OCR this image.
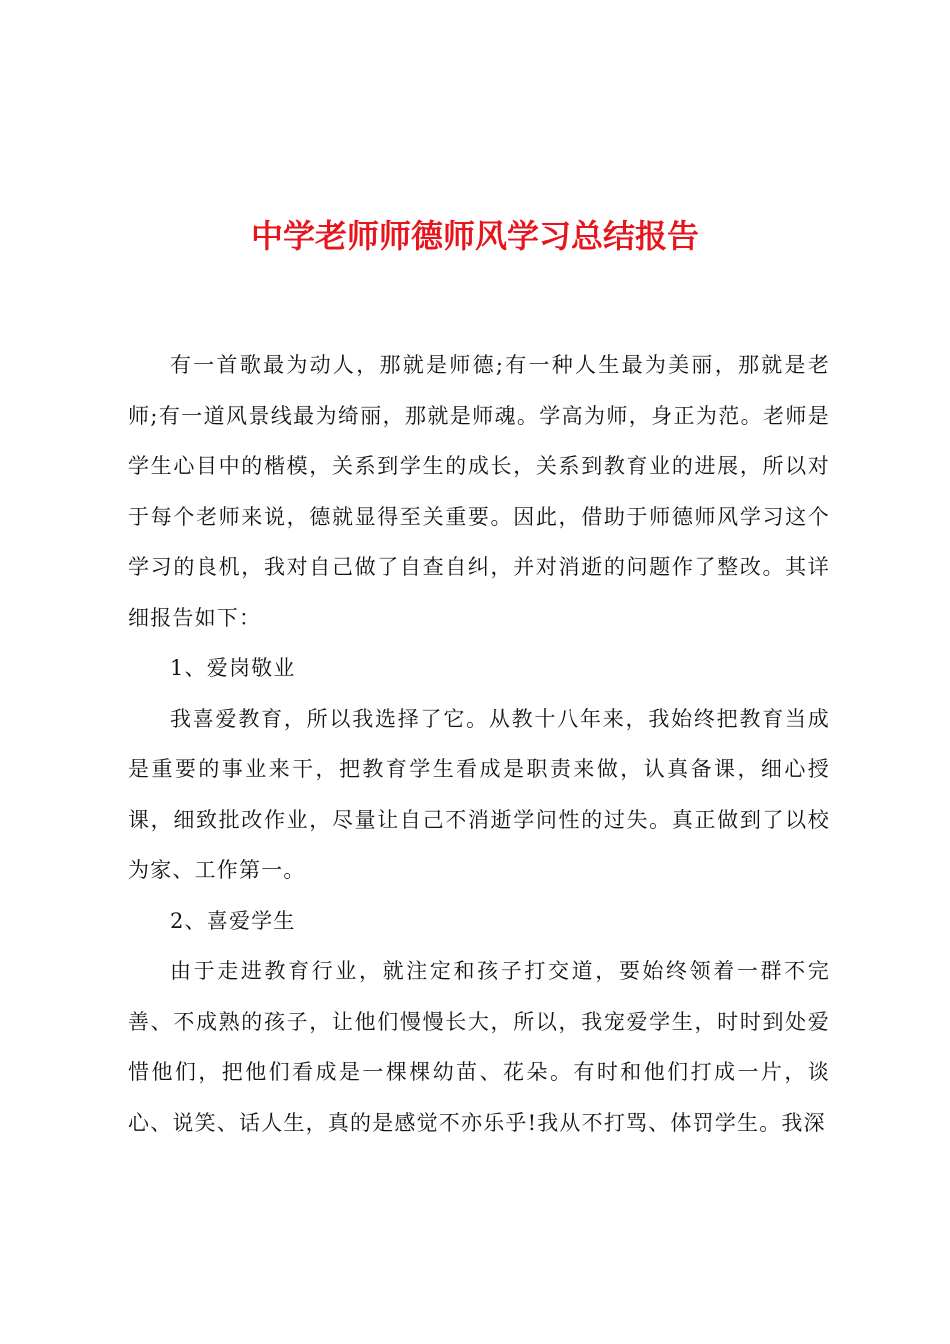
中学老师师德师风学习总结报告

有一首歌最为动人，那就是师德;有一种人生最为美丽，那就是老师;有一道风景线最为绮丽，那就是师魂。学高为师，身正为范。老师是学生心目中的楷模，关系到学生的成长，关系到教育业的进展，所以对于每个老师来说，德就显得至关重要。因此，借助于师德师风学习这个学习的良机，我对自己做了自查自纠，并对消逝的问题作了整改。其详细报告如下：

1、爱岗敬业

我喜爱教育，所以我选择了它。从教十八年来，我始终把教育当成是重要的事业来干，把教育学生看成是职责来做，认真备课，细心授课，细致批改作业，尽量让自己不消逝学问性的过失。真正做到了以校为家、工作第一。

2、喜爱学生

由于走进教育行业，就注定和孩子打交道，要始终领着一群不完善、不成熟的孩子，让他们慢慢长大，所以，我宠爱学生，时时到处爱惜他们，把他们看成是一棵棵幼苗、花朵。有时和他们打成一片，谈心、说笑、话人生，真的是感觉不亦乐乎!我从不打骂、体罚学生。我深
